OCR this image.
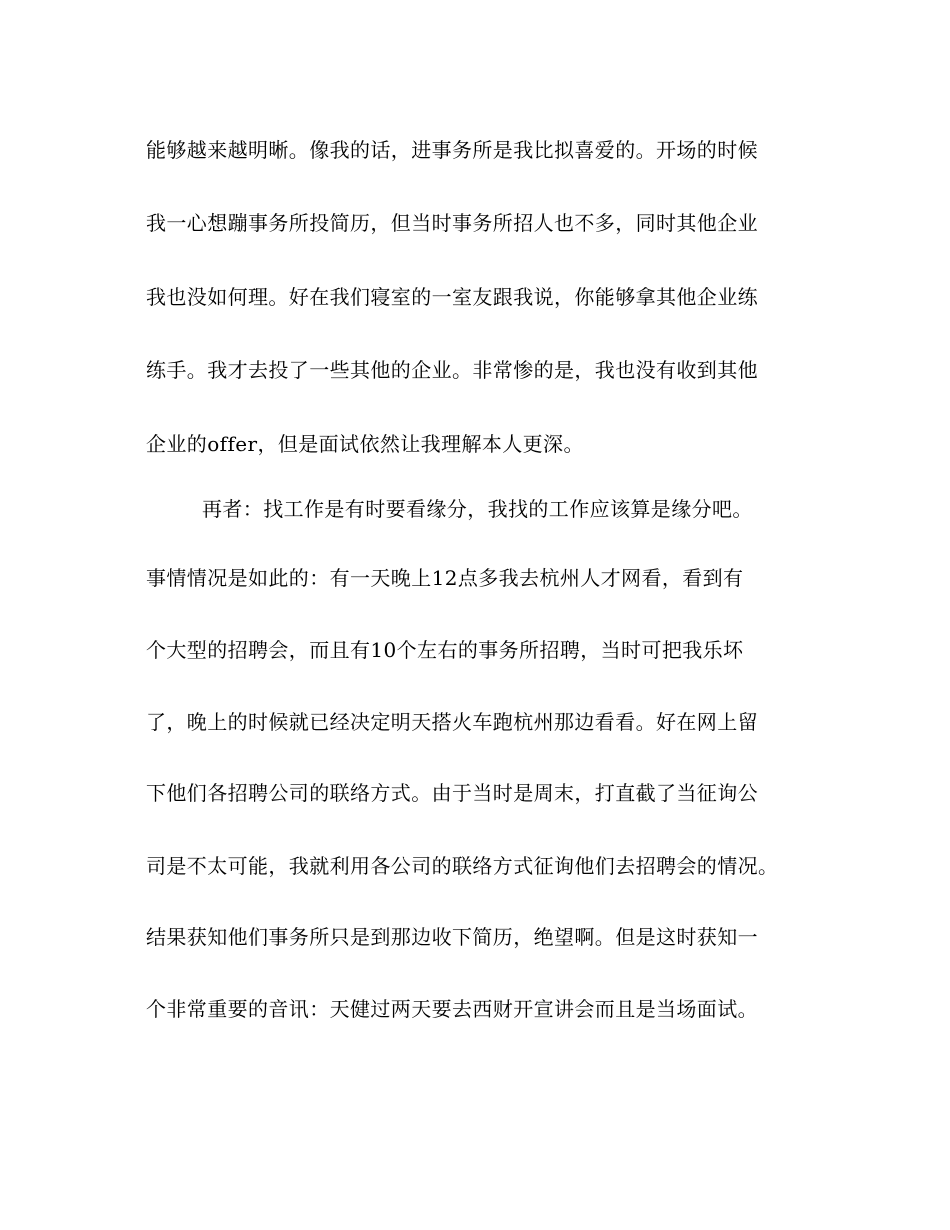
能够越来越明晰。像我的话，进事务所是我比拟喜爱的。开场的时候

我一心想蹦事务所投简历，但当时事务所招人也不多，同时其他企业

我也没如何理。好在我们寝室的一室友跟我说，你能够拿其他企业练

练手。我才去投了一些其他的企业。非常惨的是，我也没有收到其他

企业的offer，但是面试依然让我理解本人更深。

再者：找工作是有时要看缘分，我找的工作应该算是缘分吧。

事情情况是如此的：有一天晚上12点多我去杭州人才网看，看到有

个大型的招聘会，而且有10个左右的事务所招聘，当时可把我乐坏

了，晚上的时候就已经决定明天搭火车跑杭州那边看看。好在网上留

下他们各招聘公司的联络方式。由于当时是周末，打直截了当征询公

司是不太可能，我就利用各公司的联络方式征询他们去招聘会的情况。

结果获知他们事务所只是到那边收下简历，绝望啊。但是这时获知一

个非常重要的音讯：天健过两天要去西财开宣讲会而且是当场面试。
